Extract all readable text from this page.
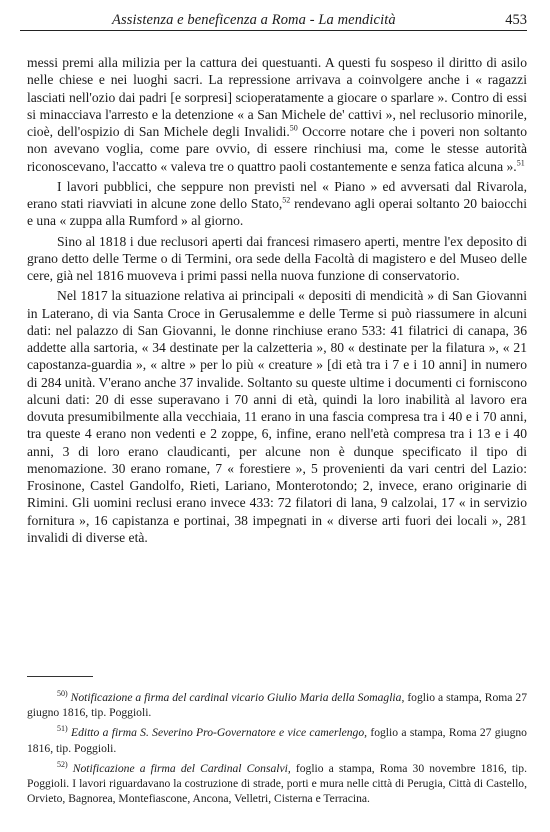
Assistenza e beneficenza a Roma - La mendicità	453

messi premi alla milizia per la cattura dei questuanti. A questi fu sospeso il diritto di asilo nelle chiese e nei luoghi sacri. La repressione arrivava a coinvolgere anche i « ragazzi lasciati nell'ozio dai padri [e sorpresi] scioperatamente a giocare o sparlare ». Contro di essi si minacciava l'arresto e la detenzione « a San Michele de' cattivi », nel reclusorio minorile, cioè, dell'ospizio di San Michele degli Invalidi.$^{50}$ Occorre notare che i poveri non soltanto non avevano voglia, come pare ovvio, di essere rinchiusi ma, come le stesse autorità riconoscevano, l'accatto « valeva tre o quattro paoli costantemente e senza fatica alcuna ».$^{51}$

I lavori pubblici, che seppure non previsti nel « Piano » ed avversati dal Rivarola, erano stati riavviati in alcune zone dello Stato,$^{52}$ rendevano agli operai soltanto 20 baiocchi e una « zuppa alla Rumford » al giorno.

Sino al 1818 i due reclusori aperti dai francesi rimasero aperti, mentre l'ex deposito di grano detto delle Terme o di Termini, ora sede della Facoltà di magistero e del Museo delle cere, già nel 1816 muoveva i primi passi nella nuova funzione di conservatorio.

Nel 1817 la situazione relativa ai principali « depositi di mendicità » di San Giovanni in Laterano, di via Santa Croce in Gerusalemme e delle Terme si può riassumere in alcuni dati: nel palazzo di San Giovanni, le donne rinchiuse erano 533: 41 filatrici di canapa, 36 addette alla sartoria, « 34 destinate per la calzetteria », 80 « destinate per la filatura », « 21 capostanza-guardia », « altre » per lo più « creature » [di età tra i 7 e i 10 anni] in numero di 284 unità. V'erano anche 37 invalide. Soltanto su queste ultime i documenti ci forniscono alcuni dati: 20 di esse superavano i 70 anni di età, quindi la loro inabilità al lavoro era dovuta presumibilmente alla vecchiaia, 11 erano in una fascia compresa tra i 40 e i 70 anni, tra queste 4 erano non vedenti e 2 zoppe, 6, infine, erano nell'età compresa tra i 13 e i 40 anni, 3 di loro erano claudicanti, per alcune non è dunque specificato il tipo di menomazione. 30 erano romane, 7 « forestiere », 5 provenienti da vari centri del Lazio: Frosinone, Castel Gandolfo, Rieti, Lariano, Monterotondo; 2, invece, erano originarie di Rimini. Gli uomini reclusi erano invece 433: 72 filatori di lana, 9 calzolai, 17 « in servizio fornitura », 16 capistanza e portinai, 38 impegnati in « diverse arti fuori dei locali », 281 invalidi di diverse età.

$^{50)}$ Notificazione a firma del cardinal vicario Giulio Maria della Somaglia, foglio a stampa, Roma 27 giugno 1816, tip. Poggioli.

$^{51)}$ Editto a firma S. Severino Pro-Governatore e vice camerlengo, foglio a stampa, Roma 27 giugno 1816, tip. Poggioli.

$^{52)}$ Notificazione a firma del Cardinal Consalvi, foglio a stampa, Roma 30 novembre 1816, tip. Poggioli. I lavori riguardavano la costruzione di strade, porti e mura nelle città di Perugia, Città di Castello, Orvieto, Bagnorea, Montefiascone, Ancona, Velletri, Cisterna e Terracina.
